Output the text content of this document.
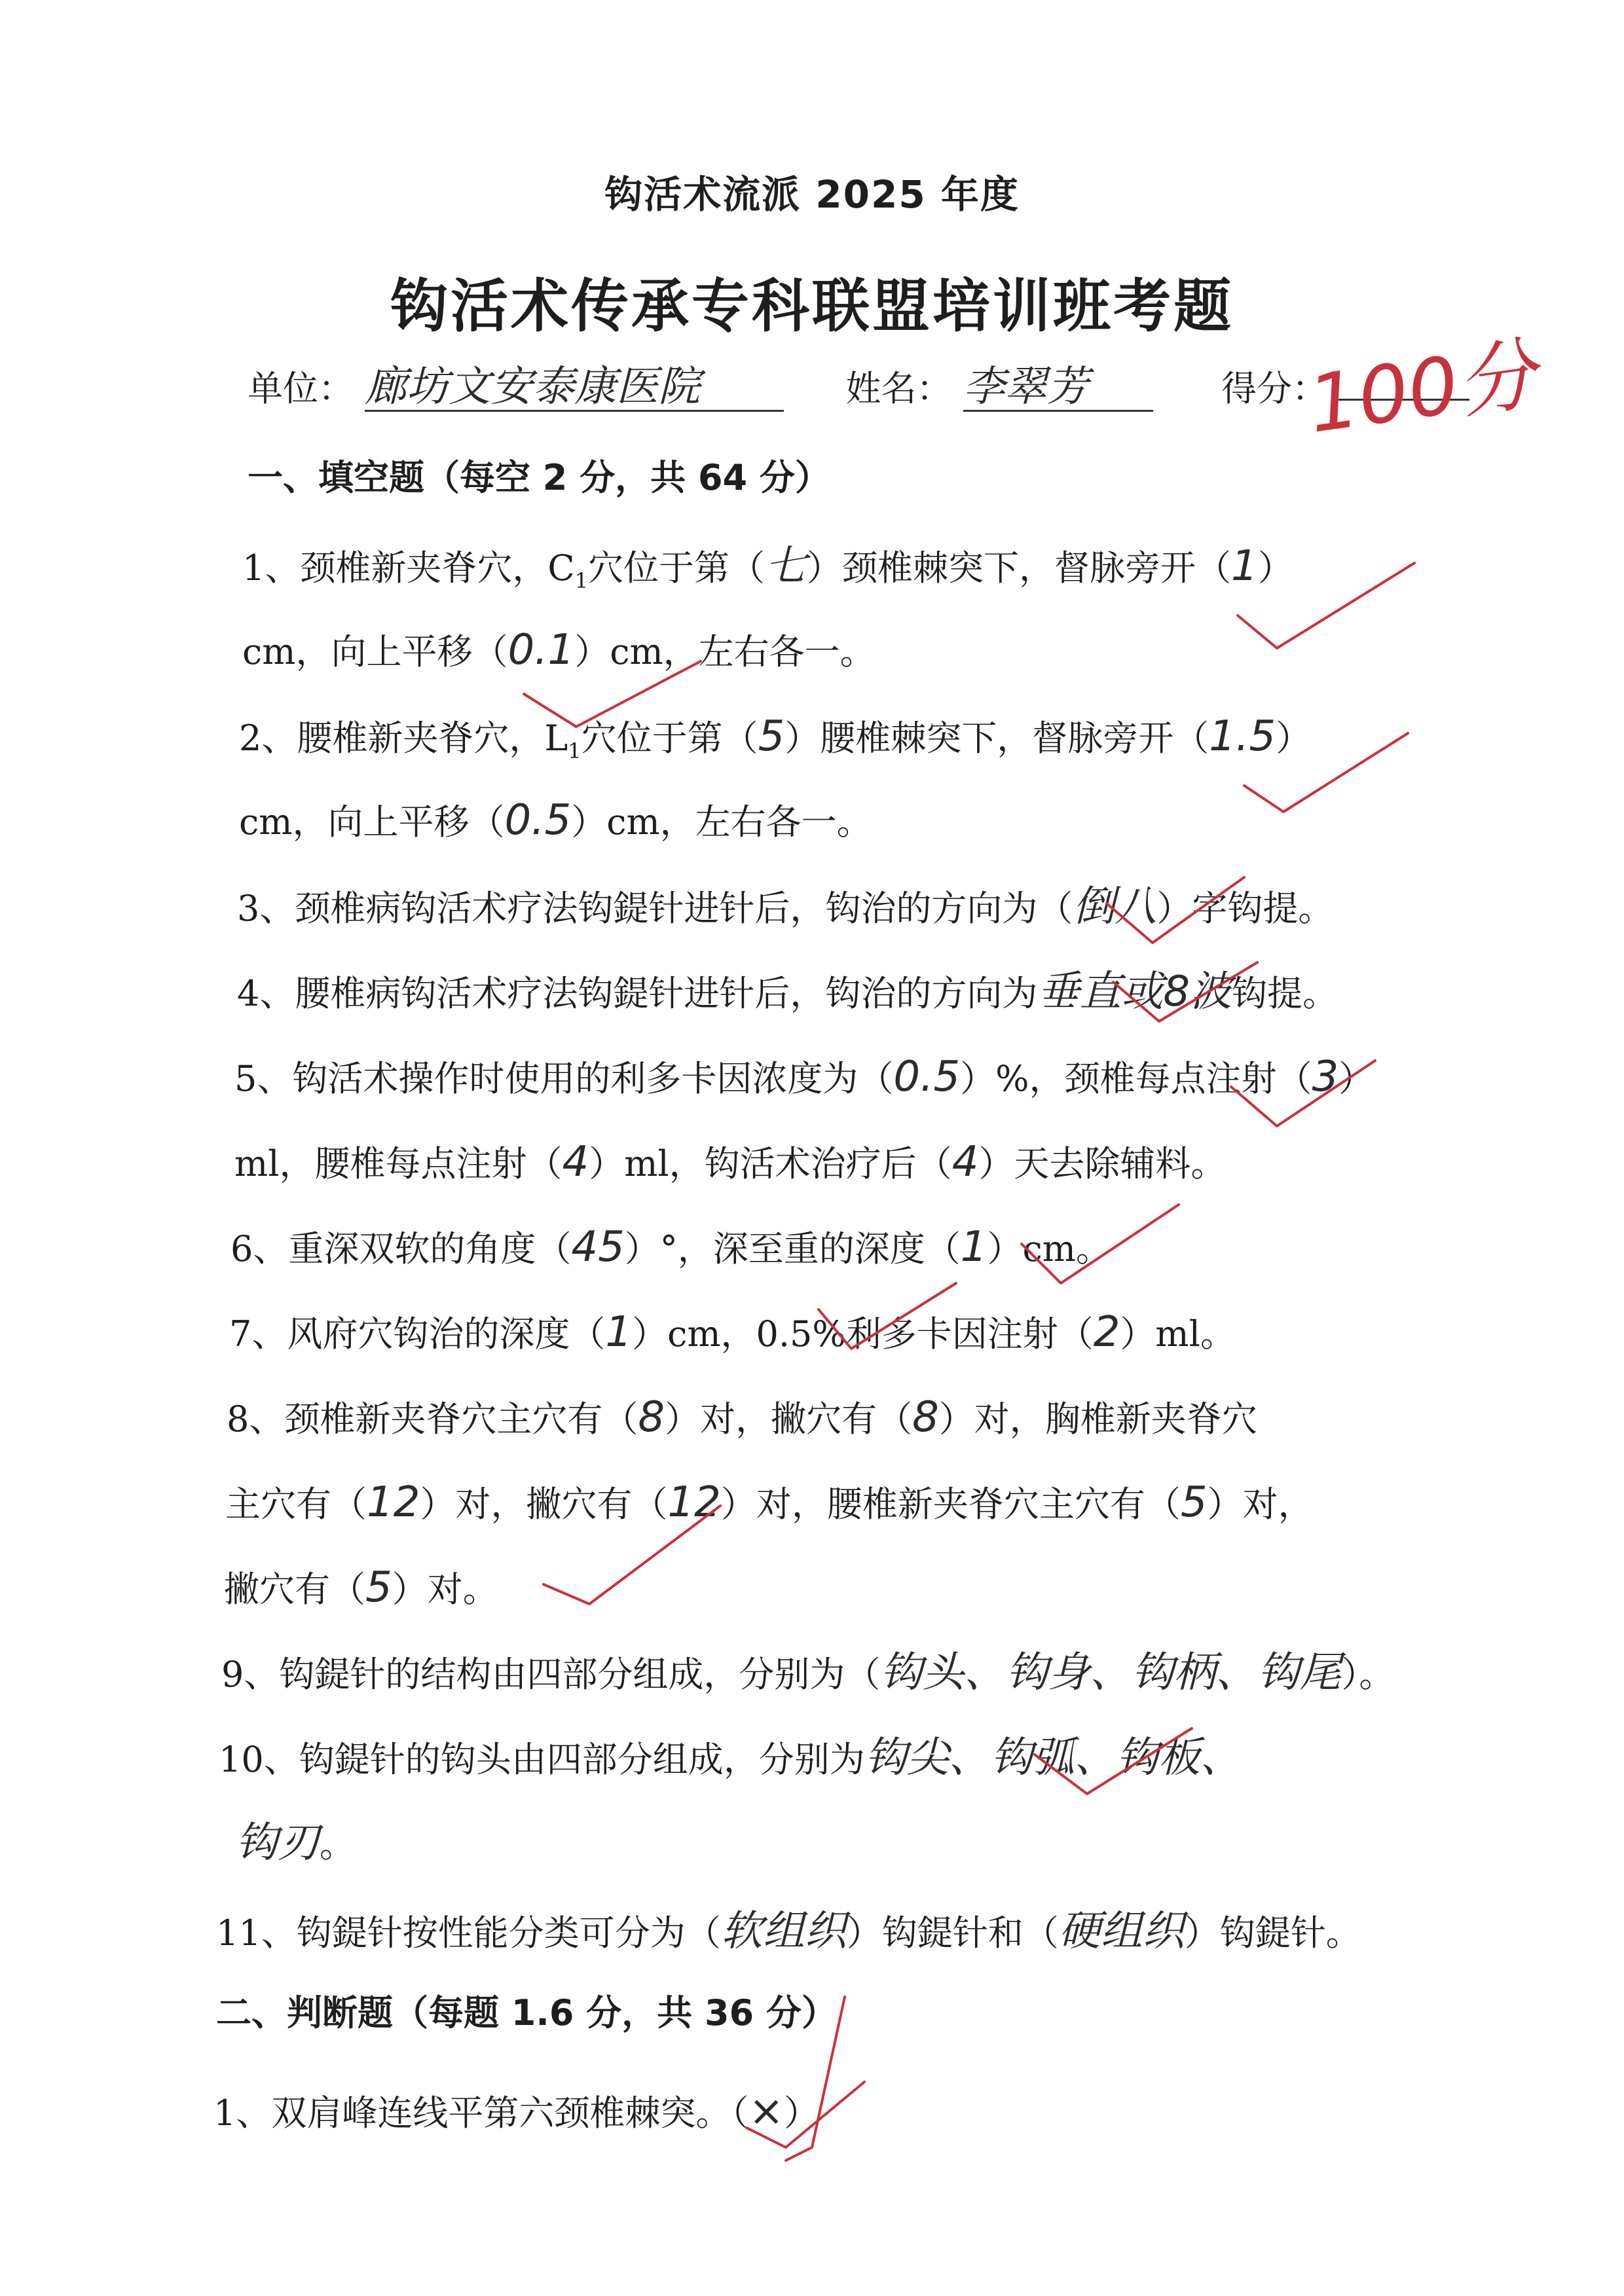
钩活术流派 2025 年度
钩活术传承专科联盟培训班考题
单位： 廊坊文安泰康医院	姓名： 李翠芳	得分：
一、填空题（每空 2 分，共 64 分）
1、颈椎新夹脊穴，$C_1$穴位于第（七）颈椎棘突下，督脉旁开（1）
cm，向上平移（0.1）cm，左右各一。
2、腰椎新夹脊穴，$L_1$穴位于第（5）腰椎棘突下，督脉旁开（1.5）
cm，向上平移（0.5）cm，左右各一。
3、颈椎病钩活术疗法钩鍉针进针后，钩治的方向为（倒八）字钩提。
4、腰椎病钩活术疗法钩鍉针进针后，钩治的方向为垂直或8波钩提。
5、钩活术操作时使用的利多卡因浓度为（0.5）%，颈椎每点注射（3）
ml，腰椎每点注射（4）ml，钩活术治疗后（4）天去除辅料。
6、重深双软的角度（45）°，深至重的深度（1）cm。
7、风府穴钩治的深度（1）cm，0.5%利多卡因注射（2）ml。
8、颈椎新夹脊穴主穴有（8）对，撇穴有（8）对，胸椎新夹脊穴
主穴有（12）对，撇穴有（12）对，腰椎新夹脊穴主穴有（5）对，
撇穴有（5）对。
9、钩鍉针的结构由四部分组成，分别为（钩头、钩身、钩柄、钩尾）。
10、钩鍉针的钩头由四部分组成，分别为钩尖、钩弧、钩板、
钩刃。
11、钩鍉针按性能分类可分为（软组织）钩鍉针和（硬组织）钩鍉针。
二、判断题（每题 1.6 分，共 36 分）
1、双肩峰连线平第六颈椎棘突。（×）
100分
